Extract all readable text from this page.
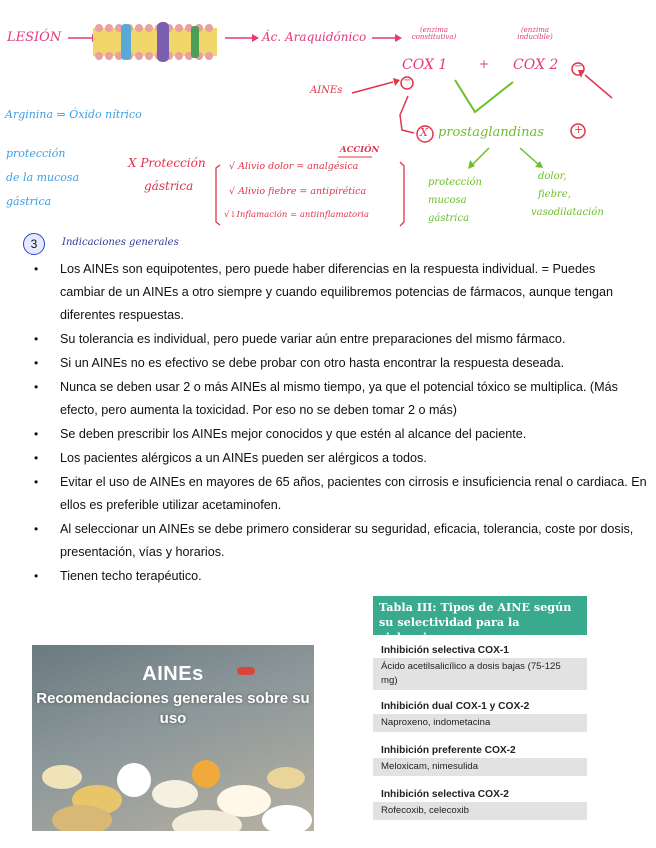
LESIÓN	Ác. Araquidónico	(enzima constitutiva)
(enzima inducible)
COX 1	+ COX 2
AINEs
−
−
Arginina ⇒ Óxido nítrico
protección
de la mucosa
gástrica
X Protección
gástrica
ACCIÓN
√ Alivio dolor = analgésica
√ Alivio fiebre = antipirética
√↓Inflamación = antiinflamatoria
X prostaglandinas	+
protección
mucosa
gástrica
dolor,
fiebre,
vasodilatación
3	Indicaciones generales
• Los AINEs son equipotentes, pero puede haber diferencias en la respuesta individual. = Puedes cambiar de un AINEs a otro siempre y cuando equilibremos potencias de fármacos, aunque tengan diferentes respuestas.
• Su tolerancia es individual, pero puede variar aún entre preparaciones del mismo fármaco.
• Si un AINEs no es efectivo se debe probar con otro hasta encontrar la respuesta deseada.
• Nunca se deben usar 2 o más AINEs al mismo tiempo, ya que el potencial tóxico se multiplica. (Más efecto, pero aumenta la toxicidad. Por eso no se deben tomar 2 o más)
• Se deben prescribir los AINEs mejor conocidos y que estén al alcance del paciente.
• Los pacientes alérgicos a un AINEs pueden ser alérgicos a todos.
• Evitar el uso de AINEs en mayores de 65 años, pacientes con cirrosis e insuficiencia renal o cardiaca. En ellos es preferible utilizar acetaminofen.
• Al seleccionar un AINEs se debe primero considerar su seguridad, eficacia, tolerancia, coste por dosis, presentación, vías y horarios.
• Tienen techo terapéutico.
AINEs
Recomendaciones generales sobre su uso
Tabla III: Tipos de AINE según su selectividad para la ciclooxigenasa
Inhibición selectiva COX-1
Ácido acetilsalicílico a dosis bajas (75-125 mg)
Inhibición dual COX-1 y COX-2
Naproxeno, indometacina
Inhibición preferente COX-2
Meloxicam, nimesulida
Inhibición selectiva COX-2
Rofecoxib, celecoxib
